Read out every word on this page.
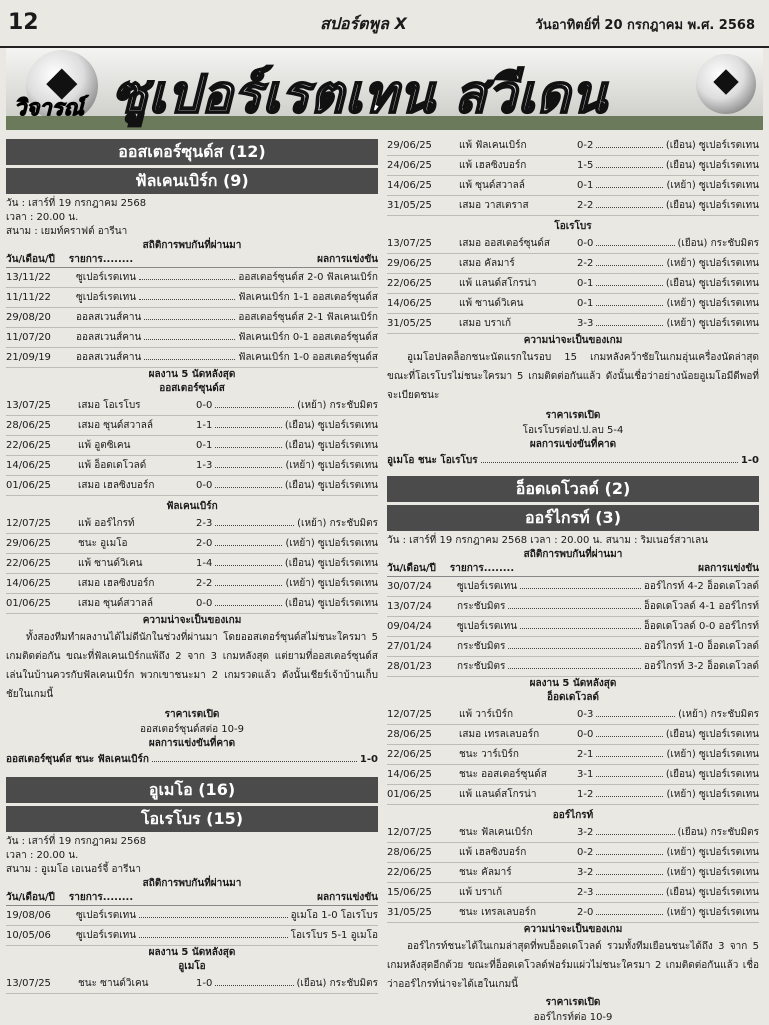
12	สปอร์ตพูล X	วันอาทิตย์ที่ 20 กรกฎาคม พ.ศ. 2568
วิจารณ์ ซูเปอร์เรตเทน สวีเดน
ออสเตอร์ซุนด์ส (12)
ฟัลเคนเบิร์ก (9)
วัน : เสาร์ที่ 19 กรกฎาคม 2568
เวลา : 20.00 น.
สนาม : เยมท์คราฟต์ อารีนา
สถิติการพบกันที่ผ่านมา
วัน/เดือน/ปี รายการ........	ผลการแข่งขัน
13/11/22	ซูเปอร์เรตเทน	ออสเตอร์ซุนด์ส 2-0 ฟัลเคนเบิร์ก
11/11/22	ซูเปอร์เรตเทน	ฟัลเคนเบิร์ก 1-1 ออสเตอร์ซุนด์ส
29/08/20	ออลสเวนส์คาน	ออสเตอร์ซุนด์ส 2-1 ฟัลเคนเบิร์ก
11/07/20	ออลสเวนส์คาน	ฟัลเคนเบิร์ก 0-1 ออสเตอร์ซุนด์ส
21/09/19	ออลสเวนส์คาน	ฟัลเคนเบิร์ก 1-0 ออสเตอร์ซุนด์ส
ผลงาน 5 นัดหลังสุด
ออสเตอร์ซุนด์ส
13/07/25	เสมอ โอเรโบร	0-0	(เหย้า) กระชับมิตร
28/06/25	เสมอ ซุนด์สวาลล์	1-1	(เยือน) ซูเปอร์เรตเทน
22/06/25	แพ้ อูตซิเคน	0-1	(เยือน) ซูเปอร์เรตเทน
14/06/25	แพ้ อ็อดเดโวลด์	1-3	(เหย้า) ซูเปอร์เรตเทน
01/06/25	เสมอ เฮลซิงบอร์ก	0-0	(เยือน) ซูเปอร์เรตเทน
ฟัลเคนเบิร์ก
12/07/25	แพ้ ออร์ไกรท์	2-3	(เหย้า) กระชับมิตร
29/06/25	ชนะ อูเมโอ	2-0	(เหย้า) ซูเปอร์เรตเทน
22/06/25	แพ้ ซานด์วิเคน	1-4	(เยือน) ซูเปอร์เรตเทน
14/06/25	เสมอ เฮลซิงบอร์ก	2-2	(เหย้า) ซูเปอร์เรตเทน
01/06/25	เสมอ ซุนด์สวาลล์	0-0	(เยือน) ซูเปอร์เรตเทน
ความน่าจะเป็นของเกม
ทั้งสองทีมทำผลงานได้ไม่ดีนักในช่วงที่ผ่านมา โดยออสเตอร์ซุนด์สไม่ชนะใครมา 5 เกมติดต่อกัน ขณะที่ฟัลเคนเบิร์กแพ้ถึง 2 จาก 3 เกมหลังสุด แต่ยามที่ออสเตอร์ซุนด์สเล่นในบ้านควรกับฟัลเคนเบิร์ก พวกเขาชนะมา 2 เกมรวดแล้ว ดังนั้นเชียร์เจ้าบ้านเก็บชัยในเกมนี้
ราคาเรตเปิด
ออสเตอร์ซุนด์สต่อ 10-9
ผลการแข่งขันที่คาด
ออสเตอร์ซุนด์ส ชนะ ฟัลเคนเบิร์ก	1-0
อูเมโอ (16)
โอเรโบร (15)
วัน : เสาร์ที่ 19 กรกฎาคม 2568
เวลา : 20.00 น.
สนาม : อูเมโอ เอเนอร์จี้ อารีนา
สถิติการพบกันที่ผ่านมา
วัน/เดือน/ปี รายการ........	ผลการแข่งขัน
19/08/06	ซูเปอร์เรตเทน	อูเมโอ 1-0 โอเรโบร
10/05/06	ซูเปอร์เรตเทน	โอเรโบร 5-1 อูเมโอ
ผลงาน 5 นัดหลังสุด
อูเมโอ
13/07/25	ชนะ ซานด์วิเคน	1-0	(เยือน) กระชับมิตร
29/06/25	แพ้ ฟัลเคนเบิร์ก	0-2	(เยือน) ซูเปอร์เรตเทน
24/06/25	แพ้ เฮลซิงบอร์ก	1-5	(เยือน) ซูเปอร์เรตเทน
14/06/25	แพ้ ซุนด์สวาลล์	0-1	(เหย้า) ซูเปอร์เรตเทน
31/05/25	เสมอ วาสเตราส	2-2	(เยือน) ซูเปอร์เรตเทน
โอเรโบร
13/07/25	เสมอ ออสเตอร์ซุนด์ส	0-0	(เยือน) กระชับมิตร
29/06/25	เสมอ คัลมาร์	2-2	(เหย้า) ซูเปอร์เรตเทน
22/06/25	แพ้ แลนด์สโกรน่า	0-1	(เยือน) ซูเปอร์เรตเทน
14/06/25	แพ้ ซานด์วิเคน	0-1	(เหย้า) ซูเปอร์เรตเทน
31/05/25	เสมอ บราเก้	3-3	(เหย้า) ซูเปอร์เรตเทน
ความน่าจะเป็นของเกม
อูเมโอปลดล็อกชนะนัดแรกในรอบ 15 เกมหลังคว้าชัยในเกมอุ่นเครื่องนัดล่าสุด ขณะที่โอเรโบรไม่ชนะใครมา 5 เกมติดต่อกันแล้ว ดังนั้นเชื่อว่าอย่างน้อยอูเมโอมีดีพอที่จะเบียดชนะ
ราคาเรตเปิด
โอเรโบรต่อป.ป.ลบ 5-4
ผลการแข่งขันที่คาด
อูเมโอ ชนะ โอเรโบร	1-0
อ็อดเดโวลด์ (2)
ออร์ไกรท์ (3)
วัน : เสาร์ที่ 19 กรกฎาคม 2568 เวลา : 20.00 น. สนาม : ริมเนอร์สวาเลน
สถิติการพบกันที่ผ่านมา
วัน/เดือน/ปี รายการ........	ผลการแข่งขัน
30/07/24	ซูเปอร์เรตเทน	ออร์ไกรท์ 4-2 อ็อดเดโวลด์
13/07/24	กระชับมิตร	อ็อดเดโวลด์ 4-1 ออร์ไกรท์
09/04/24	ซูเปอร์เรตเทน	อ็อดเดโวลด์ 0-0 ออร์ไกรท์
27/01/24	กระชับมิตร	ออร์ไกรท์ 1-0 อ็อดเดโวลด์
28/01/23	กระชับมิตร	ออร์ไกรท์ 3-2 อ็อดเดโวลด์
ผลงาน 5 นัดหลังสุด
อ็อดเดโวลด์
12/07/25	แพ้ วาร์เบิร์ก	0-3	(เหย้า) กระชับมิตร
28/06/25	เสมอ เทรลเลบอร์ก	0-0	(เยือน) ซูเปอร์เรตเทน
22/06/25	ชนะ วาร์เบิร์ก	2-1	(เหย้า) ซูเปอร์เรตเทน
14/06/25	ชนะ ออสเตอร์ซุนด์ส	3-1	(เยือน) ซูเปอร์เรตเทน
01/06/25	แพ้ แลนด์สโกรน่า	1-2	(เหย้า) ซูเปอร์เรตเทน
ออร์ไกรท์
12/07/25	ชนะ ฟัลเคนเบิร์ก	3-2	(เยือน) กระชับมิตร
28/06/25	แพ้ เฮลซิงบอร์ก	0-2	(เหย้า) ซูเปอร์เรตเทน
22/06/25	ชนะ คัลมาร์	3-2	(เหย้า) ซูเปอร์เรตเทน
15/06/25	แพ้ บราเก้	2-3	(เยือน) ซูเปอร์เรตเทน
31/05/25	ชนะ เทรลเลบอร์ก	2-0	(เหย้า) ซูเปอร์เรตเทน
ความน่าจะเป็นของเกม
ออร์ไกรท์ชนะได้ในเกมล่าสุดที่พบอ็อดเดโวลด์ รวมทั้งทีมเยือนชนะได้ถึง 3 จาก 5 เกมหลังสุดอีกด้วย ขณะที่อ็อดเดโวลด์ฟอร์มแผ่วไม่ชนะใครมา 2 เกมติดต่อกันแล้ว เชื่อว่าออร์ไกรท์น่าจะได้เฮในเกมนี้
ราคาเรตเปิด
ออร์ไกรท์ต่อ 10-9
